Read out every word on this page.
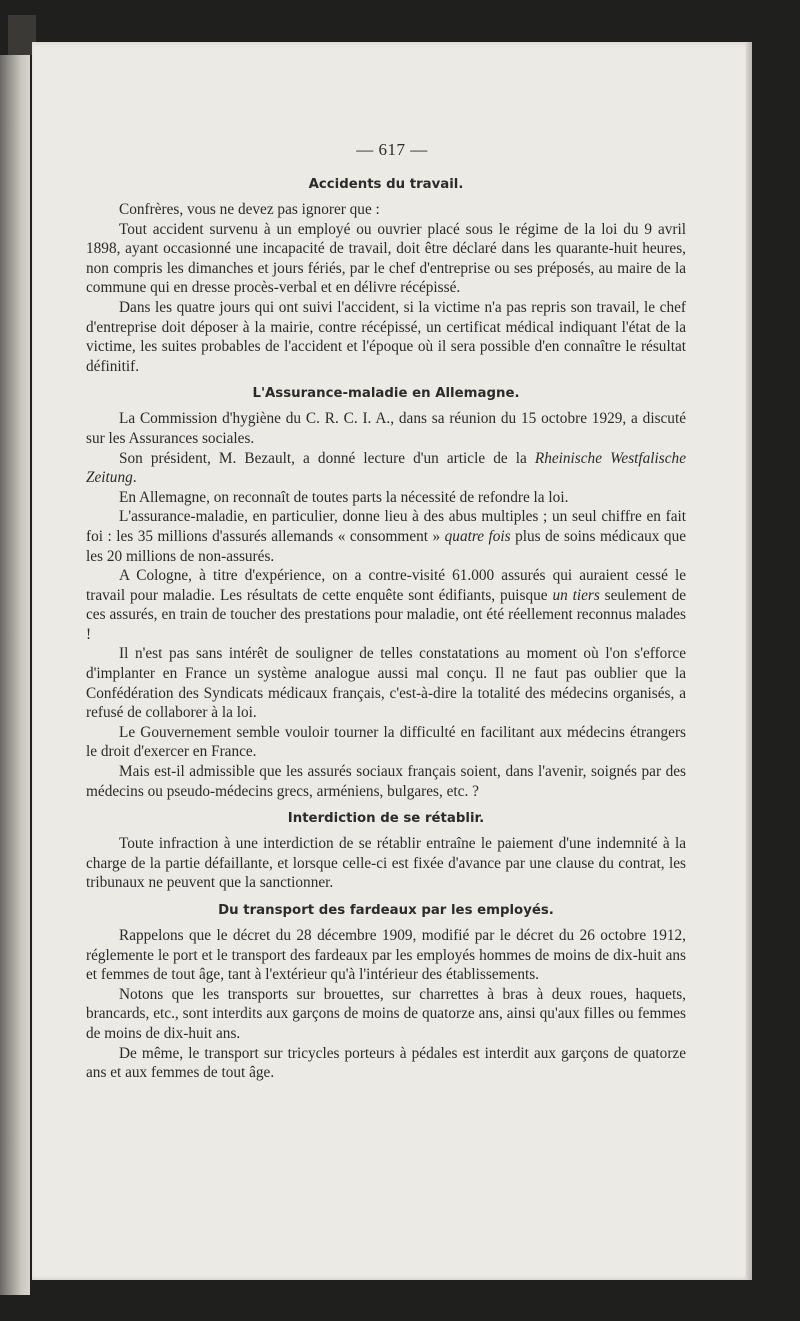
— 617 —
Accidents du travail.

Confrères, vous ne devez pas ignorer que :

Tout accident survenu à un employé ou ouvrier placé sous le régime de la loi du 9 avril 1898, ayant occasionné une incapacité de travail, doit être déclaré dans les quarante-huit heures, non compris les dimanches et jours fériés, par le chef d'entreprise ou ses préposés, au maire de la commune qui en dresse procès-verbal et en délivre récépissé.

Dans les quatre jours qui ont suivi l'accident, si la victime n'a pas repris son travail, le chef d'entreprise doit déposer à la mairie, contre récépissé, un certificat médical indiquant l'état de la victime, les suites probables de l'accident et l'époque où il sera possible d'en connaître le résultat définitif.

L'Assurance-maladie en Allemagne.

La Commission d'hygiène du C. R. C. I. A., dans sa réunion du 15 octobre 1929, a discuté sur les Assurances sociales.

Son président, M. Bezault, a donné lecture d'un article de la Rheinische Westfalische Zeitung.

En Allemagne, on reconnaît de toutes parts la nécessité de refondre la loi.

L'assurance-maladie, en particulier, donne lieu à des abus multiples ; un seul chiffre en fait foi : les 35 millions d'assurés allemands « consomment » quatre fois plus de soins médicaux que les 20 millions de non-assurés.

A Cologne, à titre d'expérience, on a contre-visité 61.000 assurés qui auraient cessé le travail pour maladie. Les résultats de cette enquête sont édifiants, puisque un tiers seulement de ces assurés, en train de toucher des prestations pour maladie, ont été réellement reconnus malades !

Il n'est pas sans intérêt de souligner de telles constatations au moment où l'on s'efforce d'implanter en France un système analogue aussi mal conçu. Il ne faut pas oublier que la Confédération des Syndicats médicaux français, c'est-à-dire la totalité des médecins organisés, a refusé de collaborer à la loi.

Le Gouvernement semble vouloir tourner la difficulté en facilitant aux médecins étrangers le droit d'exercer en France.

Mais est-il admissible que les assurés sociaux français soient, dans l'avenir, soignés par des médecins ou pseudo-médecins grecs, arméniens, bulgares, etc. ?

Interdiction de se rétablir.

Toute infraction à une interdiction de se rétablir entraîne le paiement d'une indemnité à la charge de la partie défaillante, et lorsque celle-ci est fixée d'avance par une clause du contrat, les tribunaux ne peuvent que la sanctionner.

Du transport des fardeaux par les employés.

Rappelons que le décret du 28 décembre 1909, modifié par le décret du 26 octobre 1912, réglemente le port et le transport des fardeaux par les employés hommes de moins de dix-huit ans et femmes de tout âge, tant à l'extérieur qu'à l'intérieur des établissements.

Notons que les transports sur brouettes, sur charrettes à bras à deux roues, haquets, brancards, etc., sont interdits aux garçons de moins de quatorze ans, ainsi qu'aux filles ou femmes de moins de dix-huit ans.

De même, le transport sur tricycles porteurs à pédales est interdit aux garçons de quatorze ans et aux femmes de tout âge.
